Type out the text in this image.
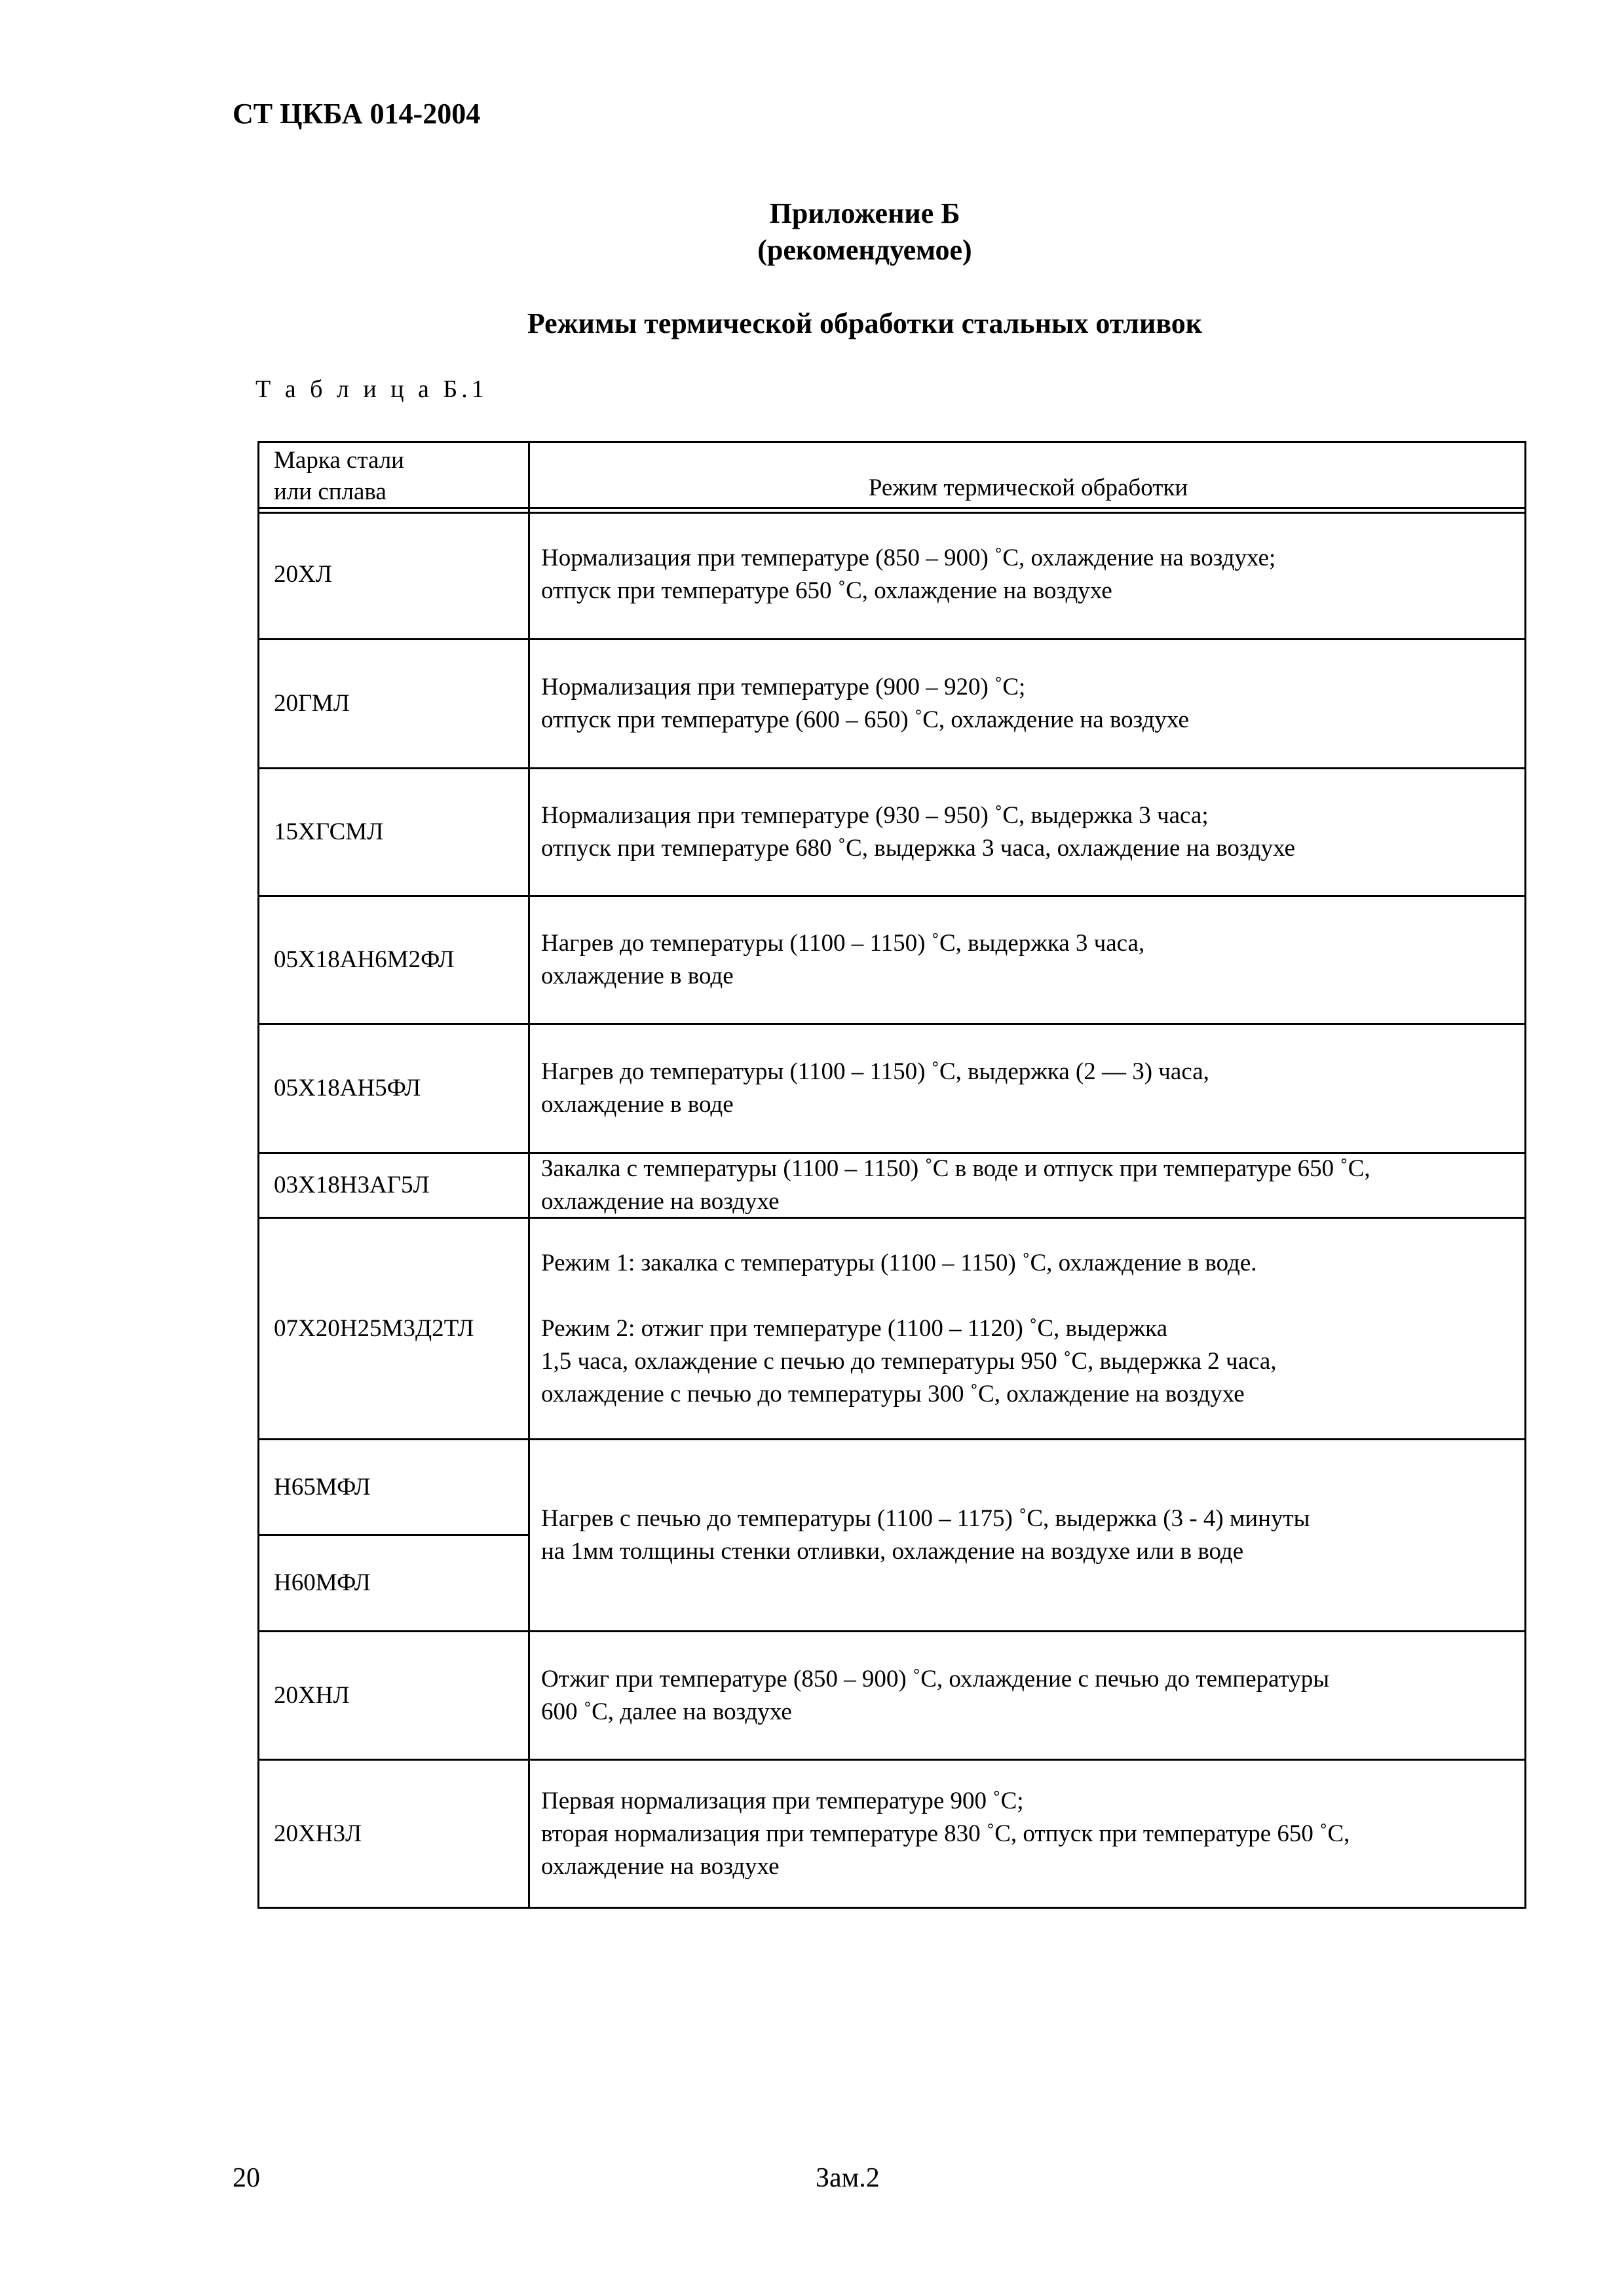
СТ ЦКБА 014-2004
Приложение Б
(рекомендуемое)
Режимы термической обработки стальных отливок
Т а б л и ц а Б.1
Марка стали
или сплава	Режим термической обработки
20ХЛ
Нормализация при температуре (850 – 900) ˚С, охлаждение на воздухе;
отпуск при температуре 650 ˚С, охлаждение на воздухе
20ГМЛ
Нормализация при температуре (900 – 920) ˚С;
отпуск при температуре (600 – 650) ˚С, охлаждение на воздухе
15ХГСМЛ
Нормализация при температуре (930 – 950) ˚С, выдержка 3 часа;
отпуск при температуре 680 ˚С, выдержка 3 часа, охлаждение на воздухе
05Х18АН6М2ФЛ
Нагрев до температуры (1100 – 1150) ˚С, выдержка 3 часа,
охлаждение в воде
05Х18АН5ФЛ
Нагрев до температуры (1100 – 1150) ˚С, выдержка (2 — 3) часа,
охлаждение в воде
03Х18Н3АГ5Л
Закалка с температуры (1100 – 1150) ˚С в воде и отпуск при температуре 650 ˚С,
охлаждение на воздухе
07Х20Н25М3Д2ТЛ
Режим 1: закалка с температуры (1100 – 1150) ˚С, охлаждение в воде.
Режим 2: отжиг при температуре (1100 – 1120) ˚С, выдержка
1,5 часа, охлаждение с печью до температуры 950 ˚С, выдержка 2 часа,
охлаждение с печью до температуры 300 ˚С, охлаждение на воздухе
Н65МФЛ
Н60МФЛ
Нагрев с печью до температуры (1100 – 1175) ˚С, выдержка (3 - 4) минуты
на 1мм толщины стенки отливки, охлаждение на воздухе или в воде
20ХНЛ
Отжиг при температуре (850 – 900) ˚С, охлаждение с печью до температуры
600 ˚С, далее на воздухе
20ХН3Л
Первая нормализация при температуре 900 ˚С;
вторая нормализация при температуре 830 ˚С, отпуск при температуре 650 ˚С,
охлаждение на воздухе
20	Зам.2
